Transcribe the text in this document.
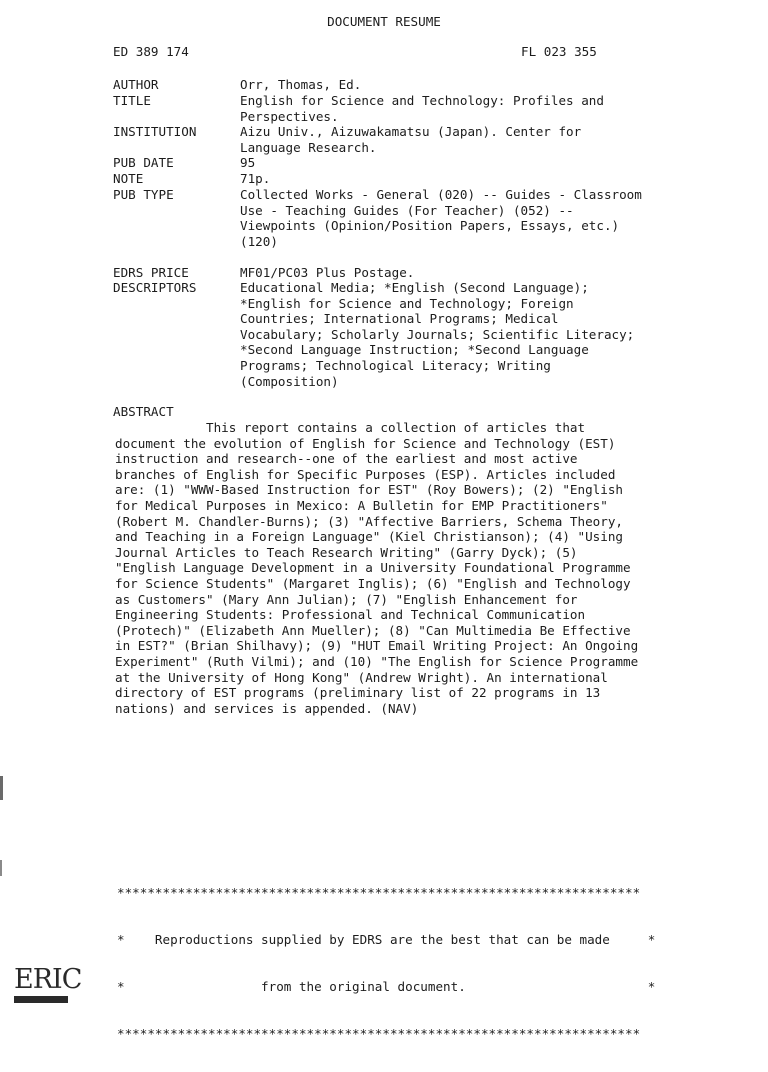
DOCUMENT RESUME
ED 389 174	FL 023 355
AUTHOR	Orr, Thomas, Ed.
TITLE	English for Science and Technology: Profiles and
Perspectives.
INSTITUTION	Aizu Univ., Aizuwakamatsu (Japan). Center for
Language Research.
PUB DATE	95
NOTE	71p.
PUB TYPE	Collected Works - General (020) -- Guides - Classroom
Use - Teaching Guides (For Teacher) (052) --
Viewpoints (Opinion/Position Papers, Essays, etc.)
(120)
EDRS PRICE	MF01/PC03 Plus Postage.
DESCRIPTORS	Educational Media; *English (Second Language);
*English for Science and Technology; Foreign
Countries; International Programs; Medical
Vocabulary; Scholarly Journals; Scientific Literacy;
*Second Language Instruction; *Second Language
Programs; Technological Literacy; Writing
(Composition)
ABSTRACT
This report contains a collection of articles that
document the evolution of English for Science and Technology (EST)
instruction and research--one of the earliest and most active
branches of English for Specific Purposes (ESP). Articles included
are: (1) "WWW-Based Instruction for EST" (Roy Bowers); (2) "English
for Medical Purposes in Mexico: A Bulletin for EMP Practitioners"
(Robert M. Chandler-Burns); (3) "Affective Barriers, Schema Theory,
and Teaching in a Foreign Language" (Kiel Christianson); (4) "Using
Journal Articles to Teach Research Writing" (Garry Dyck); (5)
"English Language Development in a University Foundational Programme
for Science Students" (Margaret Inglis); (6) "English and Technology
as Customers" (Mary Ann Julian); (7) "English Enhancement for
Engineering Students: Professional and Technical Communication
(Protech)" (Elizabeth Ann Mueller); (8) "Can Multimedia Be Effective
in EST?" (Brian Shilhavy); (9) "HUT Email Writing Project: An Ongoing
Experiment" (Ruth Vilmi); and (10) "The English for Science Programme
at the University of Hong Kong" (Andrew Wright). An international
directory of EST programs (preliminary list of 22 programs in 13
nations) and services is appended. (NAV)

*********************************************************************

*    Reproductions supplied by EDRS are the best that can be made     *

*                  from the original document.                        *

*********************************************************************

ERIC
